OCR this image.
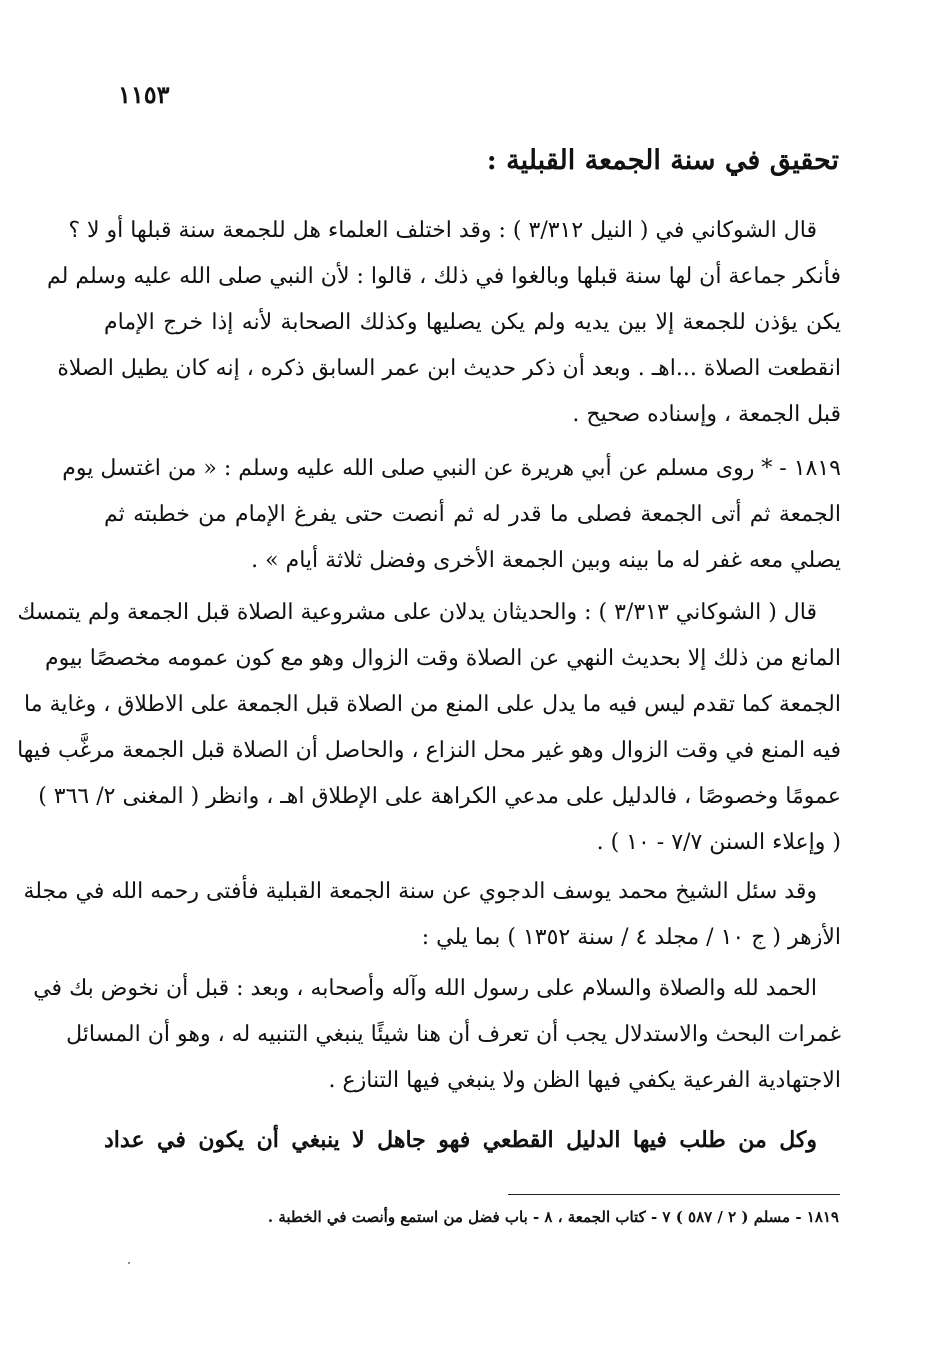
١١٥٣
تحقيق في سنة الجمعة القبلية :
قال الشوكاني في ( النيل ٣/٣١٢ ) : وقد اختلف العلماء هل للجمعة سنة قبلها أو لا ؟
فأنكر جماعة أن لها سنة قبلها وبالغوا في ذلك ، قالوا : لأن النبي صلى الله عليه وسلم لم
يكن يؤذن للجمعة إلا بين يديه ولم يكن يصليها وكذلك الصحابة لأنه إذا خرج الإمام
انقطعت الصلاة ...اهـ . وبعد أن ذكر حديث ابن عمر السابق ذكره ، إنه كان يطيل الصلاة
قبل الجمعة ، وإسناده صحيح .
١٨١٩ - * روى مسلم عن أبي هريرة عن النبي صلى الله عليه وسلم : « من اغتسل يوم
الجمعة ثم أتى الجمعة فصلى ما قدر له ثم أنصت حتى يفرغ الإمام من خطبته ثم
يصلي معه غفر له ما بينه وبين الجمعة الأخرى وفضل ثلاثة أيام » .
قال ( الشوكاني ٣/٣١٣ ) : والحديثان يدلان على مشروعية الصلاة قبل الجمعة ولم يتمسك
المانع من ذلك إلا بحديث النهي عن الصلاة وقت الزوال وهو مع كون عمومه مخصصًا بيوم
الجمعة كما تقدم ليس فيه ما يدل على المنع من الصلاة قبل الجمعة على الاطلاق ، وغاية ما
فيه المنع في وقت الزوال وهو غير محل النزاع ، والحاصل أن الصلاة قبل الجمعة مرغَّب فيها
عمومًا وخصوصًا ، فالدليل على مدعي الكراهة على الإطلاق اهـ ، وانظر ( المغنى ٢/ ٣٦٦ )
( وإعلاء السنن ٧/٧ - ١٠ ) .
وقد سئل الشيخ محمد يوسف الدجوي عن سنة الجمعة القبلية فأفتى رحمه الله في مجلة
الأزهر ( ج ١٠ / مجلد ٤ / سنة ١٣٥٢ ) بما يلي :
الحمد لله والصلاة والسلام على رسول الله وآله وأصحابه ، وبعد : قبل أن نخوض بك في
غمرات البحث والاستدلال يجب أن تعرف أن هنا شيئًا ينبغي التنبيه له ، وهو أن المسائل
الاجتهادية الفرعية يكفي فيها الظن ولا ينبغي فيها التنازع .
وكل من طلب فيها الدليل القطعي فهو جاهل لا ينبغي أن يكون في عداد
١٨١٩ - مسلم ( ٢ / ٥٨٧ ) ٧ - كتاب الجمعة ، ٨ - باب فضل من استمع وأنصت في الخطبة .
